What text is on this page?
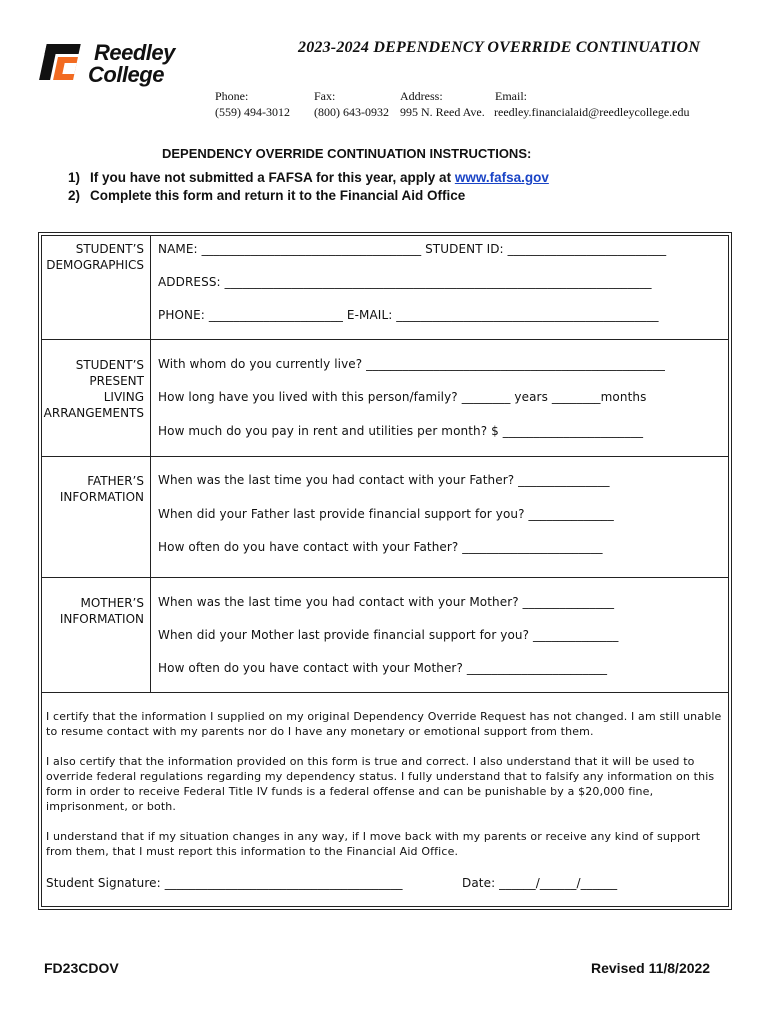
Reedley
College
2023-2024 DEPENDENCY OVERRIDE CONTINUATION
Phone:
(559) 494-3012
Fax:
(800) 643-0932
Address:
995 N. Reed Ave.
Email:
reedley.financialaid@reedleycollege.edu
DEPENDENCY OVERRIDE CONTINUATION INSTRUCTIONS:
1) If you have not submitted a FAFSA for this year, apply at www.fafsa.gov
2) Complete this form and return it to the Financial Aid Office
STUDENT’S
DEMOGRAPHICS
NAME: ____________________________________ STUDENT ID: __________________________
ADDRESS: ______________________________________________________________________
PHONE: ______________________ E-MAIL: ___________________________________________
STUDENT’S
PRESENT
LIVING
ARRANGEMENTS
With whom do you currently live? _________________________________________________
How long have you lived with this person/family? ________ years ________months
How much do you pay in rent and utilities per month? $ _______________________
FATHER’S
INFORMATION
When was the last time you had contact with your Father? _______________
When did your Father last provide financial support for you? ______________
How often do you have contact with your Father? _______________________
MOTHER’S
INFORMATION
When was the last time you had contact with your Mother? _______________
When did your Mother last provide financial support for you? ______________
How often do you have contact with your Mother? _______________________
I certify that the information I supplied on my original Dependency Override Request has not changed. I am still unable to resume contact with my parents nor do I have any monetary or emotional support from them.
I also certify that the information provided on this form is true and correct. I also understand that it will be used to override federal regulations regarding my dependency status. I fully understand that to falsify any information on this form in order to receive Federal Title IV funds is a federal offense and can be punishable by a $20,000 fine, imprisonment, or both.
I understand that if my situation changes in any way, if I move back with my parents or receive any kind of support from them, that I must report this information to the Financial Aid Office.
Student Signature: _______________________________________	Date: ______/______/______
FD23CDOV	Revised 11/8/2022
